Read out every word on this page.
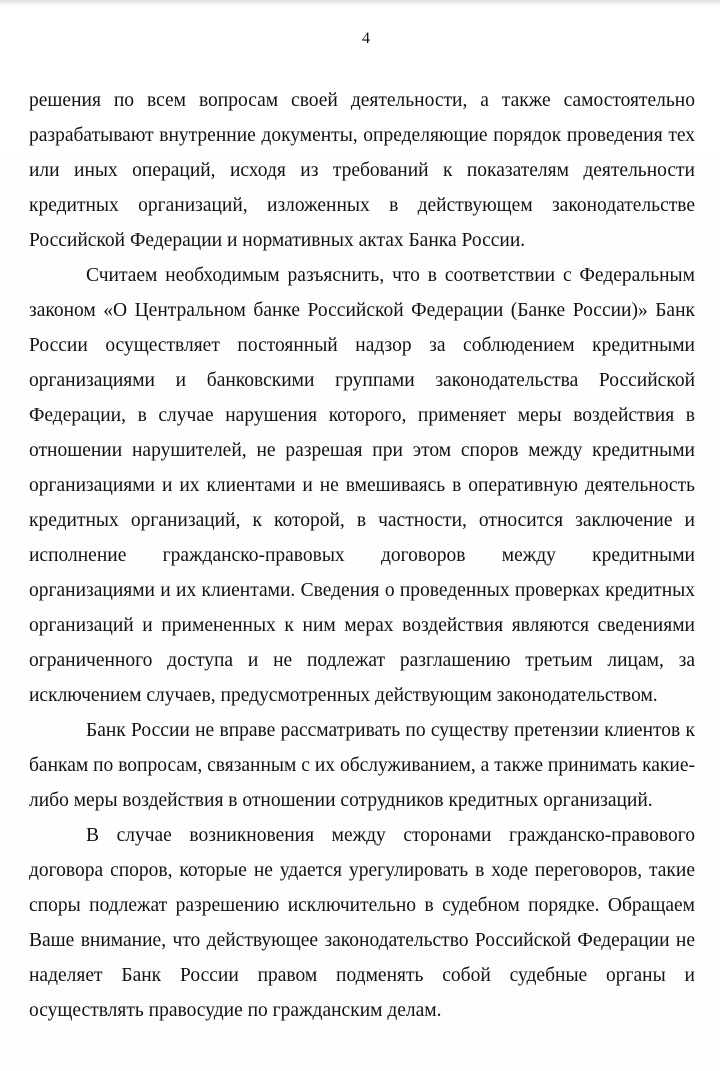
4

решения по всем вопросам своей деятельности, а также самостоятельно разрабатывают внутренние документы, определяющие порядок проведения тех или иных операций, исходя из требований к показателям деятельности кредитных организаций, изложенных в действующем законодательстве Российской Федерации и нормативных актах Банка России.

Считаем необходимым разъяснить, что в соответствии с Федеральным законом «О Центральном банке Российской Федерации (Банке России)» Банк России осуществляет постоянный надзор за соблюдением кредитными организациями и банковскими группами законодательства Российской Федерации, в случае нарушения которого, применяет меры воздействия в отношении нарушителей, не разрешая при этом споров между кредитными организациями и их клиентами и не вмешиваясь в оперативную деятельность кредитных организаций, к которой, в частности, относится заключение и исполнение гражданско-правовых договоров между кредитными организациями и их клиентами. Сведения о проведенных проверках кредитных организаций и примененных к ним мерах воздействия являются сведениями ограниченного доступа и не подлежат разглашению третьим лицам, за исключением случаев, предусмотренных действующим законодательством.

Банк России не вправе рассматривать по существу претензии клиентов к банкам по вопросам, связанным с их обслуживанием, а также принимать какие-либо меры воздействия в отношении сотрудников кредитных организаций.

В случае возникновения между сторонами гражданско-правового договора споров, которые не удается урегулировать в ходе переговоров, такие споры подлежат разрешению исключительно в судебном порядке. Обращаем Ваше внимание, что действующее законодательство Российской Федерации не наделяет Банк России правом подменять собой судебные органы и осуществлять правосудие по гражданским делам.
